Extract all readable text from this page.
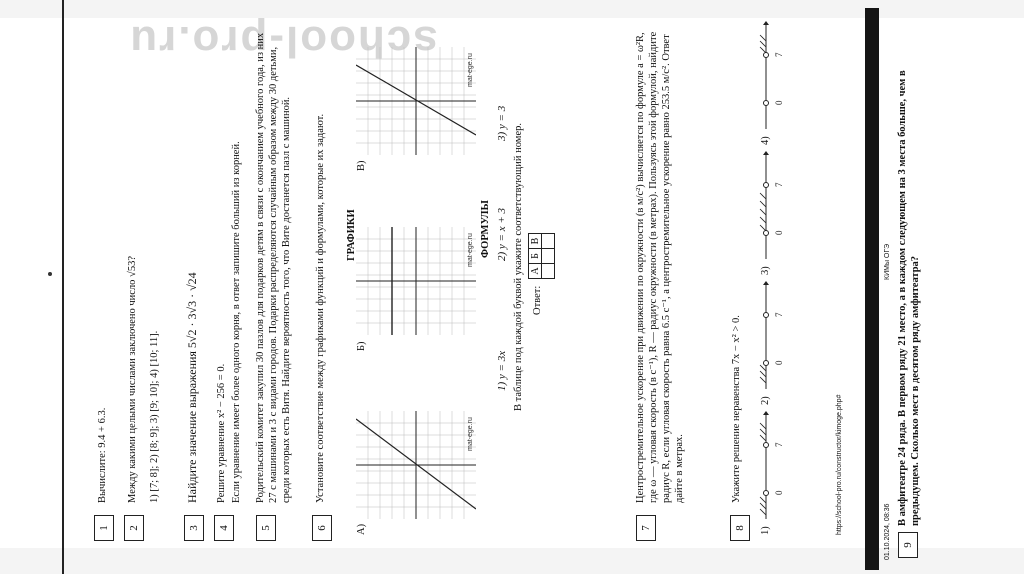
school-pro.ru
1
Вычислите: 9.4 + 6.3.
2
Между какими целыми числами заключено число √53? 1) [7; 8]; 2) [8; 9]; 3) [9; 10]; 4) [10; 11].
3
Найдите значение выражения 5√2 · 3√3 · √24
4
Решите уравнение x² − 256 = 0. Если уравнение имеет более одного корня, в ответ запишите больший из корней.
5
Родительский комитет закупил 30 пазлов для подарков детям в связи с окончанием учебного года, из них 27 с машинами и 3 с видами городов. Подарки распределяются случайным образом между 30 детьми, среди которых есть Витя. Найдите вероятность того, что Вите достанется пазл с машиной.
6
Установите соответствие между графиками функций и формулами, которые их задают. ГРАФИКИ
А)
mat-ege.ru
Б)
mat-ege.ru
В)
mat-ege.ru
ФОРМУЛЫ
1) y = 3x
2) y = x + 3
3) y = 3 В таблице под каждой буквой укажите соответствующий номер. Ответ:
А	Б	В

7
Центростремительное ускорение при движении по окружности (в м/с²) вычисляется по формуле a = ω²R, где ω — угловая скорость (в с⁻¹), R — радиус окружности (в метрах). Пользуясь этой формулой, найдите радиус R, если угловая скорость равна 6.5 с⁻¹, а центростремительное ускорение равно 253.5 м/с². Ответ дайте в метрах.
8
Укажите решение неравенства 7x − x² > 0.
1)
0
7
2)
0
7
3)
0
7
4)
0
7
https://school-pro.ru/constructor/kimoge.php#	01.10.2024, 08:36
КИМы ОГЭ
9
В амфитеатре 24 ряда. В первом ряду 21 место, а в каждом следующем на 3 места больше, чем в предыдущем. Сколько мест в десятом ряду амфитеатра?
